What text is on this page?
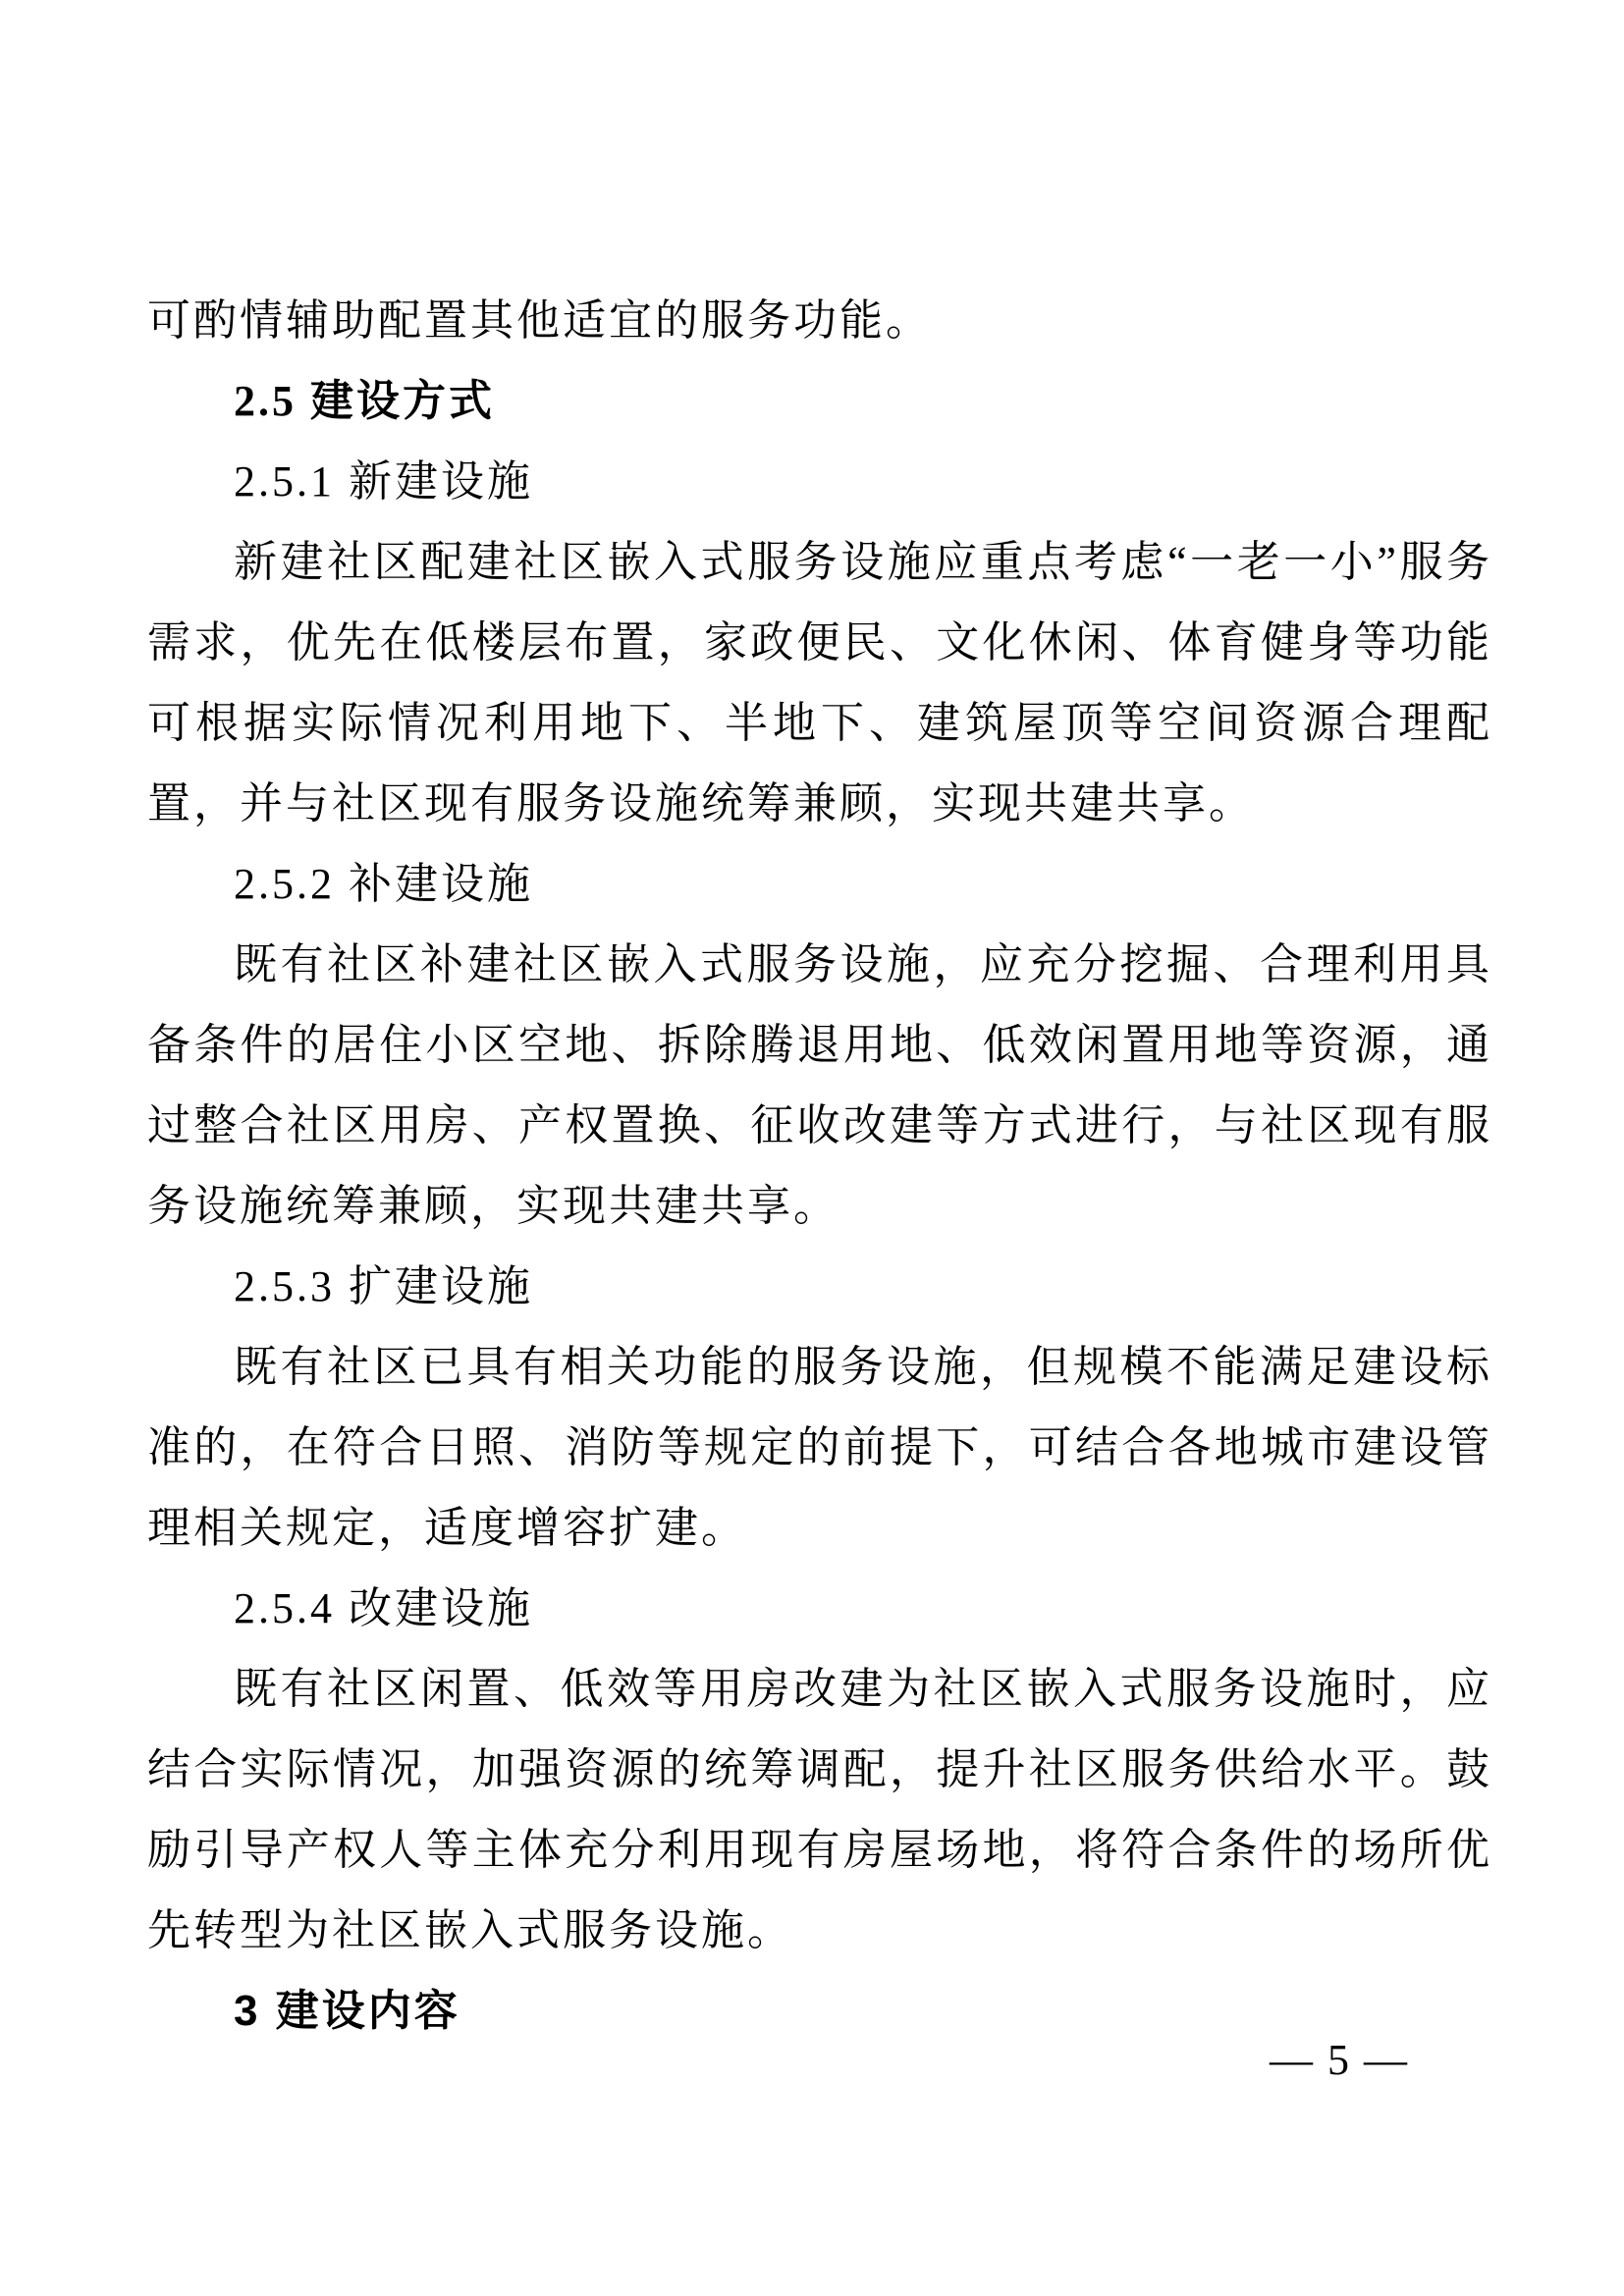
可酌情辅助配置其他适宜的服务功能。

2.5 建设方式

2.5.1 新建设施

新建社区配建社区嵌入式服务设施应重点考虑“一老一小”服务需求，优先在低楼层布置，家政便民、文化休闲、体育健身等功能可根据实际情况利用地下、半地下、建筑屋顶等空间资源合理配置，并与社区现有服务设施统筹兼顾，实现共建共享。

2.5.2 补建设施

既有社区补建社区嵌入式服务设施，应充分挖掘、合理利用具备条件的居住小区空地、拆除腾退用地、低效闲置用地等资源，通过整合社区用房、产权置换、征收改建等方式进行，与社区现有服务设施统筹兼顾，实现共建共享。

2.5.3 扩建设施

既有社区已具有相关功能的服务设施，但规模不能满足建设标准的，在符合日照、消防等规定的前提下，可结合各地城市建设管理相关规定，适度增容扩建。

2.5.4 改建设施

既有社区闲置、低效等用房改建为社区嵌入式服务设施时，应结合实际情况，加强资源的统筹调配，提升社区服务供给水平。鼓励引导产权人等主体充分利用现有房屋场地，将符合条件的场所优先转型为社区嵌入式服务设施。

3 建设内容

— 5 —
